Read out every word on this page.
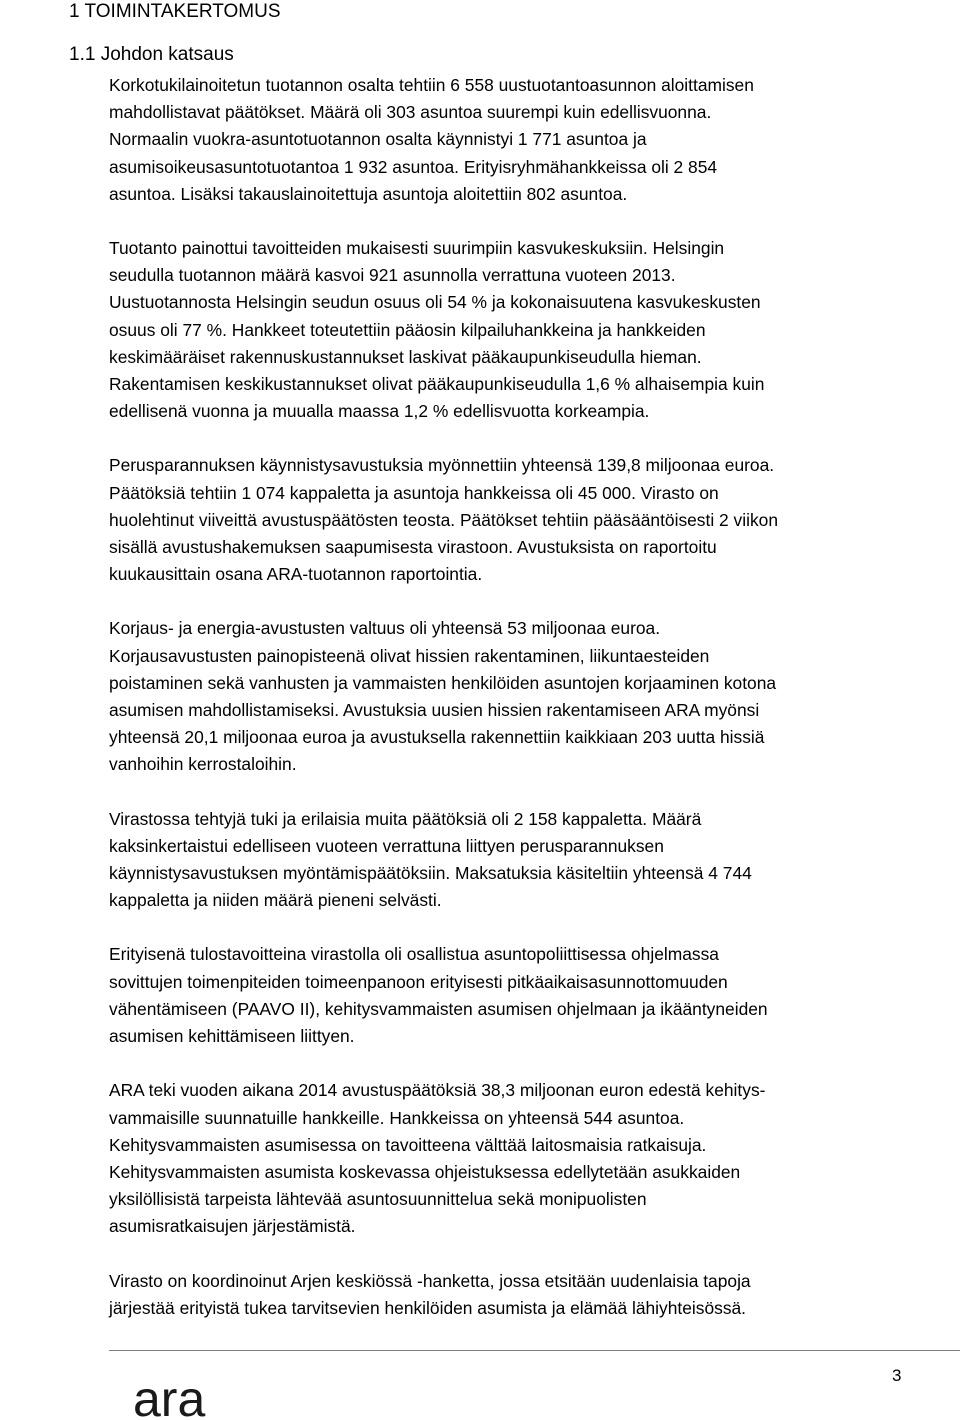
1 TOIMINTAKERTOMUS
1.1 Johdon katsaus

Korkotukilainoitetun tuotannon osalta tehtiin 6 558 uustuotantoasunnon aloittamisen
mahdollistavat päätökset. Määrä oli 303 asuntoa suurempi kuin edellisvuonna.
Normaalin vuokra-asuntotuotannon osalta käynnistyi 1 771 asuntoa ja
asumisoikeusasuntotuotantoa 1 932 asuntoa. Erityisryhmähankkeissa oli 2 854
asuntoa. Lisäksi takauslainoitettuja asuntoja aloitettiin 802 asuntoa.

Tuotanto painottui tavoitteiden mukaisesti suurimpiin kasvukeskuksiin. Helsingin
seudulla tuotannon määrä kasvoi 921 asunnolla verrattuna vuoteen 2013.
Uustuotannosta Helsingin seudun osuus oli 54 % ja kokonaisuutena kasvukeskusten
osuus oli 77 %. Hankkeet toteutettiin pääosin kilpailuhankkeina ja hankkeiden
keskimääräiset rakennuskustannukset laskivat pääkaupunkiseudulla hieman.
Rakentamisen keskikustannukset olivat pääkaupunkiseudulla 1,6 % alhaisempia kuin
edellisenä vuonna ja muualla maassa 1,2 % edellisvuotta korkeampia.

Perusparannuksen käynnistysavustuksia myönnettiin yhteensä 139,8 miljoonaa euroa.
Päätöksiä tehtiin 1 074 kappaletta ja asuntoja hankkeissa oli 45 000. Virasto on
huolehtinut viiveittä avustuspäätösten teosta. Päätökset tehtiin pääsääntöisesti 2 viikon
sisällä avustushakemuksen saapumisesta virastoon. Avustuksista on raportoitu
kuukausittain osana ARA-tuotannon raportointia.

Korjaus- ja energia-avustusten valtuus oli yhteensä 53 miljoonaa euroa.
Korjausavustusten painopisteenä olivat hissien rakentaminen, liikuntaesteiden
poistaminen sekä vanhusten ja vammaisten henkilöiden asuntojen korjaaminen kotona
asumisen mahdollistamiseksi. Avustuksia uusien hissien rakentamiseen ARA myönsi
yhteensä 20,1 miljoonaa euroa ja avustuksella rakennettiin kaikkiaan 203 uutta hissiä
vanhoihin kerrostaloihin.

Virastossa tehtyjä tuki ja erilaisia muita päätöksiä oli 2 158 kappaletta. Määrä
kaksinkertaistui edelliseen vuoteen verrattuna liittyen perusparannuksen
käynnistysavustuksen myöntämispäätöksiin. Maksatuksia käsiteltiin yhteensä 4 744
kappaletta ja niiden määrä pieneni selvästi.

Erityisenä tulostavoitteina virastolla oli osallistua asuntopoliittisessa ohjelmassa
sovittujen toimenpiteiden toimeenpanoon erityisesti pitkäaikaisasunnottomuuden
vähentämiseen (PAAVO II), kehitysvammaisten asumisen ohjelmaan ja ikääntyneiden
asumisen kehittämiseen liittyen.

ARA teki vuoden aikana 2014 avustuspäätöksiä 38,3 miljoonan euron edestä kehitys-
vammaisille suunnatuille hankkeille. Hankkeissa on yhteensä 544 asuntoa.
Kehitysvammaisten asumisessa on tavoitteena välttää laitosmaisia ratkaisuja.
Kehitysvammaisten asumista koskevassa ohjeistuksessa edellytetään asukkaiden
yksilöllisistä tarpeista lähtevää asuntosuunnittelua sekä monipuolisten
asumisratkaisujen järjestämistä.

Virasto on koordinoinut Arjen keskiössä -hanketta, jossa etsitään uudenlaisia tapoja
järjestää erityistä tukea tarvitsevien henkilöiden asumista ja elämää lähiyhteisössä.

3
ara
